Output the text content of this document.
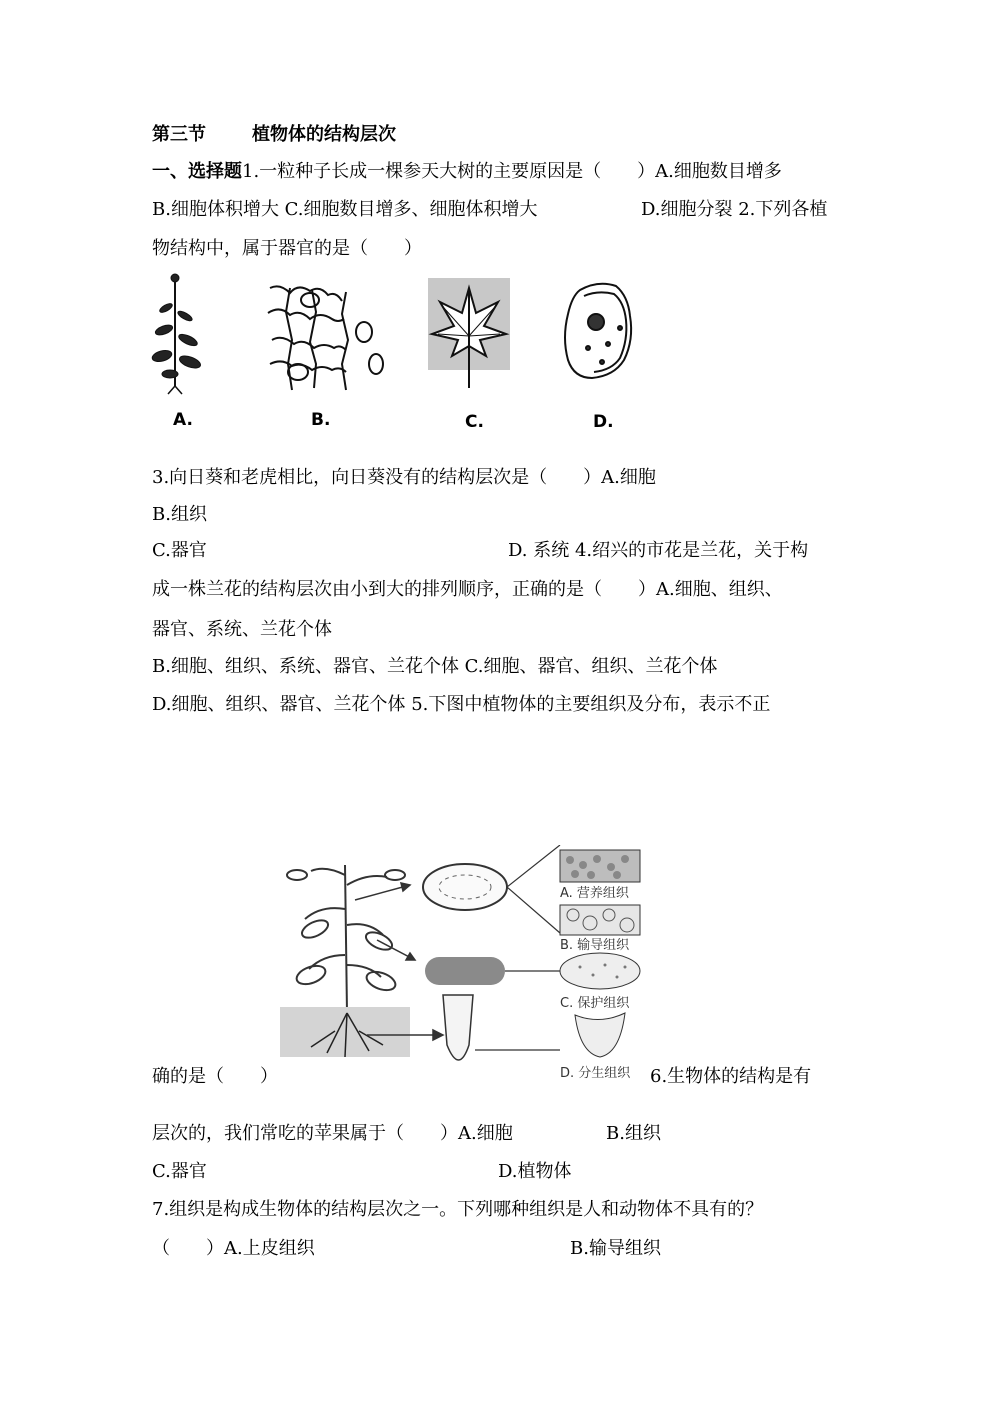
第三节	植物体的结构层次
一、选择题1.一粒种子长成一棵参天大树的主要原因是（　　）A.细胞数目增多
B.细胞体积增大 C.细胞数目增多、细胞体积增大	D.细胞分裂 2.下列各植
物结构中，属于器官的是（　　）
A.	B.	C.	D.
3.向日葵和老虎相比，向日葵没有的结构层次是（　　）A.细胞
B.组织
C.器官	D. 系统 4.绍兴的市花是兰花，关于构
成一株兰花的结构层次由小到大的排列顺序，正确的是（　　）A.细胞、组织、
器官、系统、兰花个体
B.细胞、组织、系统、器官、兰花个体 C.细胞、器官、组织、兰花个体
D.细胞、组织、器官、兰花个体 5.下图中植物体的主要组织及分布，表示不正
A. 营养组织
B. 输导组织
C. 保护组织
D. 分生组织
确的是（　　）	6.生物体的结构是有
层次的，我们常吃的苹果属于（　　）A.细胞	B.组织
C.器官	D.植物体
7.组织是构成生物体的结构层次之一。下列哪种组织是人和动物体不具有的？
（　　）A.上皮组织	B.输导组织
